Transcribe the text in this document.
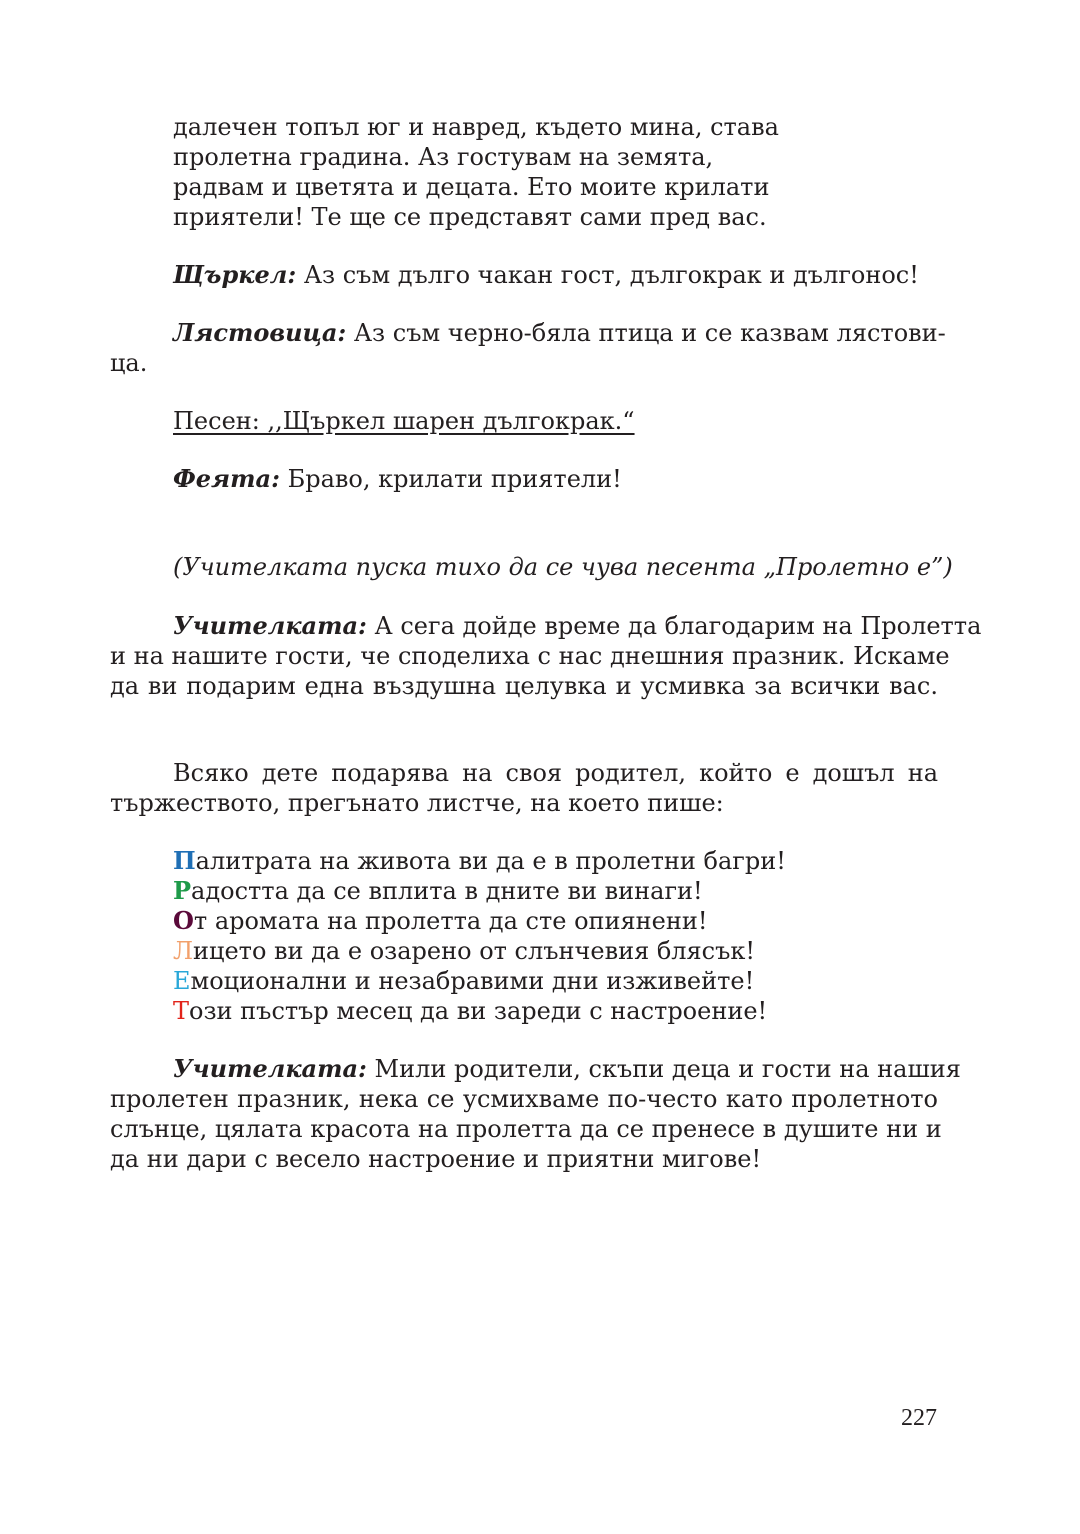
далечен топъл юг и навред, където мина, става
пролетна градина. Аз гостувам на земята,
радвам и цветята и децата. Ето моите крилати
приятели! Те ще се представят сами пред вас.
Щъркел: Аз съм дълго чакан гост, дългокрак и дългонос!
Лястовица: Аз съм черно-бяла птица и се казвам лястови-
ца.
Песен: ,,Щъркел шарен дългокрак.“
Феята: Браво, крилати приятели!
(Учителката пуска тихо да се чува песента „Пролетно е”)
Учителката: А сега дойде време да благодарим на Пролетта
и на нашите гости, че споделиха с нас днешния празник. Искаме
да ви подарим една въздушна целувка и усмивка за всички вас.
Всяко дете подарява на своя родител, който е дошъл на
тържеството, прегънато листче, на което пише:
Палитрата на живота ви да е в пролетни багри!
Радостта да се вплита в дните ви винаги!
От аромата на пролетта да сте опиянени!
Лицето ви да е озарено от слънчевия блясък!
Емоционални и незабравими дни изживейте!
Този пъстър месец да ви зареди с настроение!
Учителката: Мили родители, скъпи деца и гости на нашия
пролетен празник, нека се усмихваме по-често като пролетното
слънце, цялата красота на пролетта да се пренесе в душите ни и
да ни дари с весело настроение и приятни мигове!
227
